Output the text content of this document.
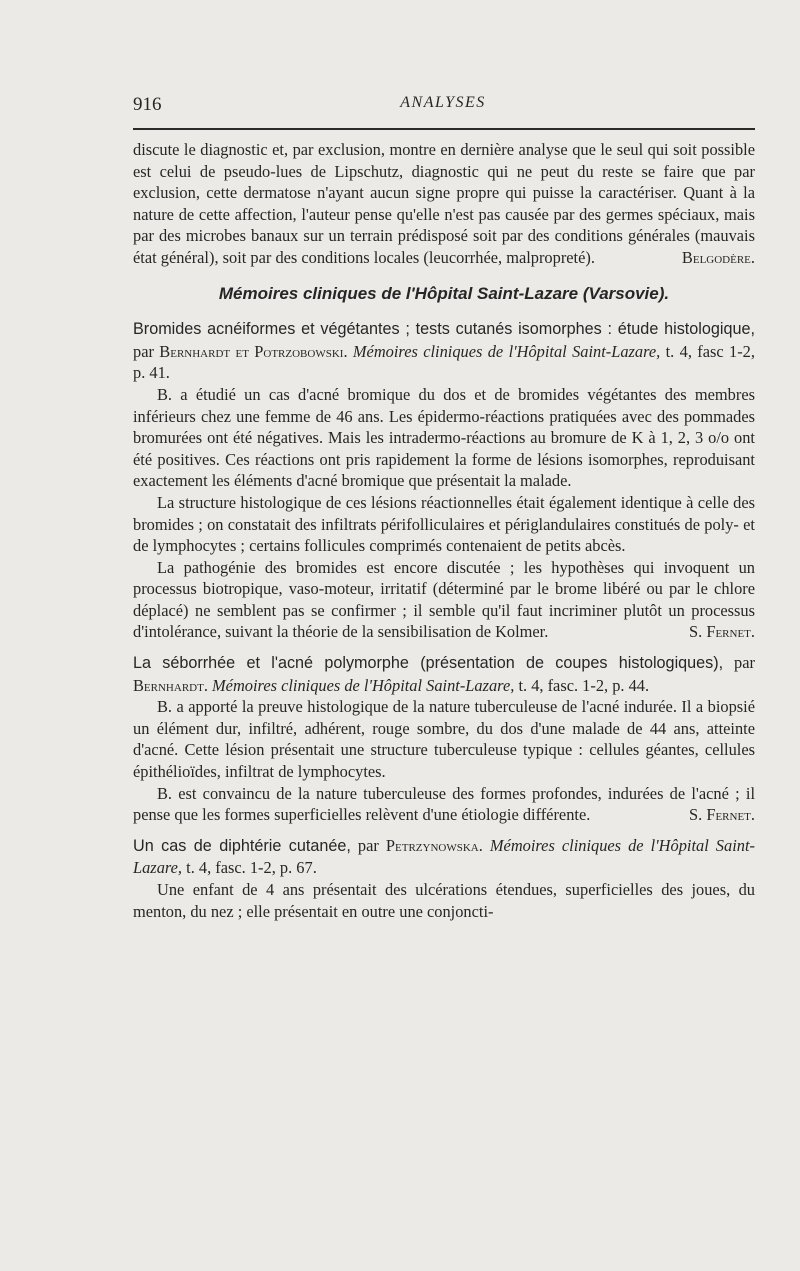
916	ANALYSES

discute le diagnostic et, par exclusion, montre en dernière analyse que le seul qui soit possible est celui de pseudo-lues de Lipschutz, diagnostic qui ne peut du reste se faire que par exclusion, cette dermatose n'ayant aucun signe propre qui puisse la caractériser. Quant à la nature de cette affection, l'auteur pense qu'elle n'est pas causée par des germes spéciaux, mais par des microbes banaux sur un terrain prédisposé soit par des conditions générales (mauvais état général), soit par des conditions locales (leucorrhée, malpropreté).	Belgodère.

Mémoires cliniques de l'Hôpital Saint-Lazare (Varsovie).

Bromides acnéiformes et végétantes ; tests cutanés isomorphes : étude histologique, par Bernhardt et Potrzobowski. Mémoires cliniques de l'Hôpital Saint-Lazare, t. 4, fasc 1-2, p. 41.

B. a étudié un cas d'acné bromique du dos et de bromides végétantes des membres inférieurs chez une femme de 46 ans. Les épidermo-réactions pratiquées avec des pommades bromurées ont été négatives. Mais les intradermo-réactions au bromure de K à 1, 2, 3 o/o ont été positives. Ces réactions ont pris rapidement la forme de lésions isomorphes, reproduisant exactement les éléments d'acné bromique que présentait la malade.

La structure histologique de ces lésions réactionnelles était également identique à celle des bromides ; on constatait des infiltrats périfolliculaires et périglandulaires constitués de poly- et de lymphocytes ; certains follicules comprimés contenaient de petits abcès.

La pathogénie des bromides est encore discutée ; les hypothèses qui invoquent un processus biotropique, vaso-moteur, irritatif (déterminé par le brome libéré ou par le chlore déplacé) ne semblent pas se confirmer ; il semble qu'il faut incriminer plutôt un processus d'intolérance, suivant la théorie de la sensibilisation de Kolmer.	S. Fernet.

La séborrhée et l'acné polymorphe (présentation de coupes histologiques), par Bernhardt. Mémoires cliniques de l'Hôpital Saint-Lazare, t. 4, fasc. 1-2, p. 44.

B. a apporté la preuve histologique de la nature tuberculeuse de l'acné indurée. Il a biopsié un élément dur, infiltré, adhérent, rouge sombre, du dos d'une malade de 44 ans, atteinte d'acné. Cette lésion présentait une structure tuberculeuse typique : cellules géantes, cellules épithélioïdes, infiltrat de lymphocytes.

B. est convaincu de la nature tuberculeuse des formes profondes, indurées de l'acné ; il pense que les formes superficielles relèvent d'une étiologie différente.	S. Fernet.

Un cas de diphtérie cutanée, par Petrzynowska. Mémoires cliniques de l'Hôpital Saint-Lazare, t. 4, fasc. 1-2, p. 67.

Une enfant de 4 ans présentait des ulcérations étendues, superficielles des joues, du menton, du nez ; elle présentait en outre une conjoncti-
